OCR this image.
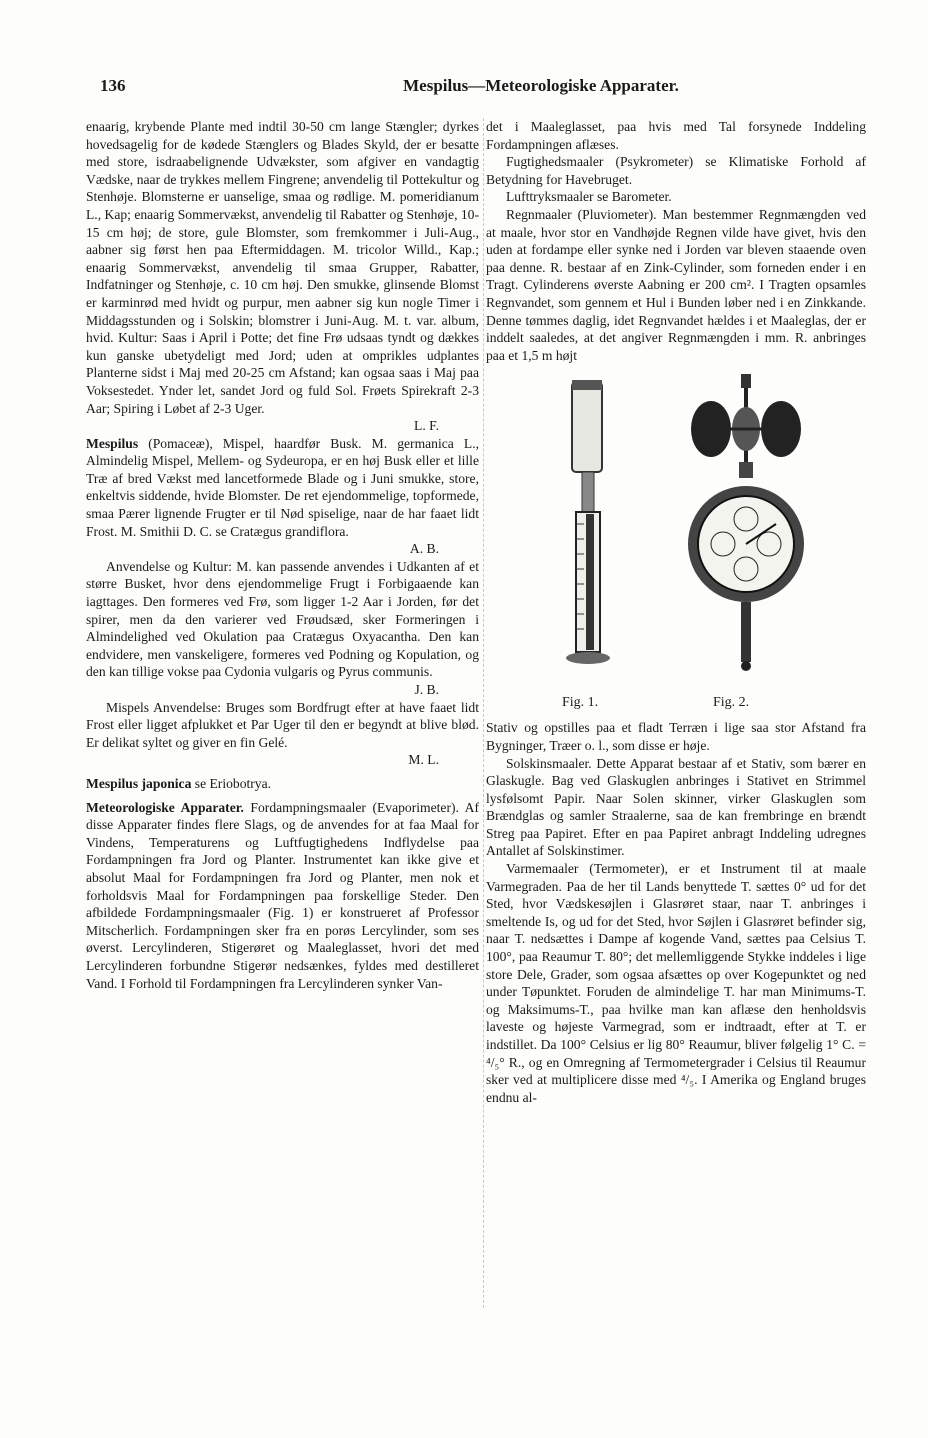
136	Mespilus—Meteorologiske Apparater.

enaarig, krybende Plante med indtil 30-50 cm lange Stængler; dyrkes hovedsagelig for de kødede Stænglers og Blades Skyld, der er besatte med store, isdraabelignende Udvækster, som afgiver en vandagtig Vædske, naar de trykkes mellem Fingrene; anvendelig til Pottekultur og Stenhøje. Blomsterne er uanselige, smaa og rødlige. M. pomeridianum L., Kap; enaarig Sommervækst, anvendelig til Rabatter og Stenhøje, 10-15 cm høj; de store, gule Blomster, som fremkommer i Juli-Aug., aabner sig først hen paa Eftermiddagen. M. tricolor Willd., Kap.; enaarig Sommervækst, anvendelig til smaa Grupper, Rabatter, Indfatninger og Stenhøje, c. 10 cm høj. Den smukke, glinsende Blomst er karminrød med hvidt og purpur, men aabner sig kun nogle Timer i Middagsstunden og i Solskin; blomstrer i Juni-Aug. M. t. var. album, hvid. Kultur: Saas i April i Potte; det fine Frø udsaas tyndt og dækkes kun ganske ubetydeligt med Jord; uden at omprikles udplantes Planterne sidst i Maj med 20-25 cm Afstand; kan ogsaa saas i Maj paa Voksestedet. Ynder let, sandet Jord og fuld Sol. Frøets Spirekraft 2-3 Aar; Spiring i Løbet af 2-3 Uger.

L. F.

Mespilus (Pomaceæ), Mispel, haardfør Busk. M. germanica L., Almindelig Mispel, Mellem- og Sydeuropa, er en høj Busk eller et lille Træ af bred Vækst med lancetformede Blade og i Juni smukke, store, enkeltvis siddende, hvide Blomster. De ret ejendommelige, topformede, smaa Pærer lignende Frugter er til Nød spiselige, naar de har faaet lidt Frost. M. Smithii D. C. se Cratægus grandiflora.

A. B.

Anvendelse og Kultur: M. kan passende anvendes i Udkanten af et større Busket, hvor dens ejendommelige Frugt i Forbigaaende kan iagttages. Den formeres ved Frø, som ligger 1-2 Aar i Jorden, før det spirer, men da den varierer ved Frøudsæd, sker Formeringen i Almindelighed ved Okulation paa Cratægus Oxyacantha. Den kan endvidere, men vanskeligere, formeres ved Podning og Kopulation, og den kan tillige vokse paa Cydonia vulgaris og Pyrus communis.

J. B.

Mispels Anvendelse: Bruges som Bordfrugt efter at have faaet lidt Frost eller ligget afplukket et Par Uger til den er begyndt at blive blød. Er delikat syltet og giver en fin Gelé.

M. L.

Mespilus japonica se Eriobotrya.

Meteorologiske Apparater. Fordampningsmaaler (Evaporimeter). Af disse Apparater findes flere Slags, og de anvendes for at faa Maal for Vindens, Temperaturens og Luftfugtighedens Indflydelse paa Fordampningen fra Jord og Planter. Instrumentet kan ikke give et absolut Maal for Fordampningen fra Jord og Planter, men nok et forholdsvis Maal for Fordampningen paa forskellige Steder. Den afbildede Fordampningsmaaler (Fig. 1) er konstrueret af Professor Mitscherlich. Fordampningen sker fra en porøs Lercylinder, som ses øverst. Lercylinderen, Stigerøret og Maaleglasset, hvori det med Lercylinderen forbundne Stigerør nedsænkes, fyldes med destilleret Vand. I Forhold til Fordampningen fra Lercylinderen synker Van-

det i Maaleglasset, paa hvis med Tal forsynede Inddeling Fordampningen aflæses.

Fugtighedsmaaler (Psykrometer) se Klimatiske Forhold af Betydning for Havebruget.

Lufttryksmaaler se Barometer.

Regnmaaler (Pluviometer). Man bestemmer Regnmængden ved at maale, hvor stor en Vandhøjde Regnen vilde have givet, hvis den uden at fordampe eller synke ned i Jorden var bleven staaende oven paa denne. R. bestaar af en Zink-Cylinder, som forneden ender i en Tragt. Cylinderens øverste Aabning er 200 cm². I Tragten opsamles Regnvandet, som gennem et Hul i Bunden løber ned i en Zinkkande. Denne tømmes daglig, idet Regnvandet hældes i et Maaleglas, der er inddelt saaledes, at det angiver Regnmængden i mm. R. anbringes paa et 1,5 m højt

Fig. 1.	Fig. 2.

Stativ og opstilles paa et fladt Terræn i lige saa stor Afstand fra Bygninger, Træer o. l., som disse er høje.

Solskinsmaaler. Dette Apparat bestaar af et Stativ, som bærer en Glaskugle. Bag ved Glaskuglen anbringes i Stativet en Strimmel lysfølsomt Papir. Naar Solen skinner, virker Glaskuglen som Brændglas og samler Straalerne, saa de kan frembringe en brændt Streg paa Papiret. Efter en paa Papiret anbragt Inddeling udregnes Antallet af Solskinstimer.

Varmemaaler (Termometer), er et Instrument til at maale Varmegraden. Paa de her til Lands benyttede T. sættes 0° ud for det Sted, hvor Vædskesøjlen i Glasrøret staar, naar T. anbringes i smeltende Is, og ud for det Sted, hvor Søjlen i Glasrøret befinder sig, naar T. nedsættes i Dampe af kogende Vand, sættes paa Celsius T. 100°, paa Reaumur T. 80°; det mellemliggende Stykke inddeles i lige store Dele, Grader, som ogsaa afsættes op over Kogepunktet og ned under Tøpunktet. Foruden de almindelige T. har man Minimums-T. og Maksimums-T., paa hvilke man kan aflæse den henholdsvis laveste og højeste Varmegrad, som er indtraadt, efter at T. er indstillet. Da 100° Celsius er lig 80° Reaumur, bliver følgelig 1° C. = ⁴/₅° R., og en Omregning af Termometergrader i Celsius til Reaumur sker ved at multiplicere disse med ⁴/₅. I Amerika og England bruges endnu al-
